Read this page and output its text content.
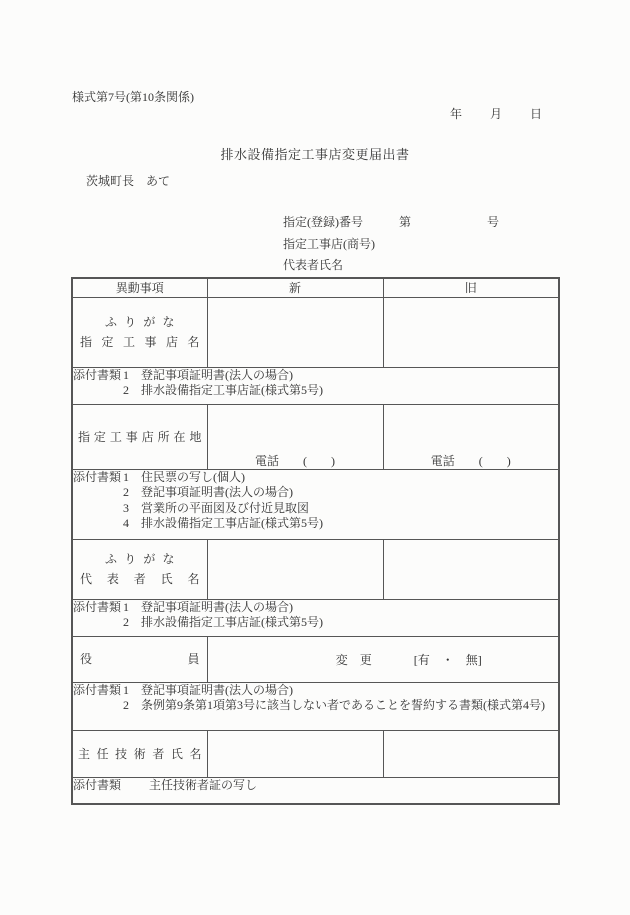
様式第7号(第10条関係)
年 月 日
排水設備指定工事店変更届出書
茨城町長　あて
指定(登録)番号	第	号
指定工事店(商号)
代表者氏名
異動事項	新	旧

ふ り が な
指 定 工 事 店 名

添付書類 1　登記事項証明書(法人の場合)
2　排水設備指定工事店証(様式第5号)		

指 定 工 事 店 所 在 地
	電話　　(　　)	電話　　(　　)

添付書類 1　住民票の写し(個人)
2　登記事項証明書(法人の場合)
3　営業所の平面図及び付近見取図
4　排水設備指定工事店証(様式第5号)		

ふ り が な
代 表 者 氏 名

添付書類 1　登記事項証明書(法人の場合)
2　排水設備指定工事店証(様式第5号)		

役 員	変　更 [有　・　無]	

添付書類 1　登記事項証明書(法人の場合)
2　条例第9条第1項第3号に該当しない者であることを誓約する書類(様式第4号)		

主 任 技 術 者 氏 名

添付書類 主任技術者証の写し		
